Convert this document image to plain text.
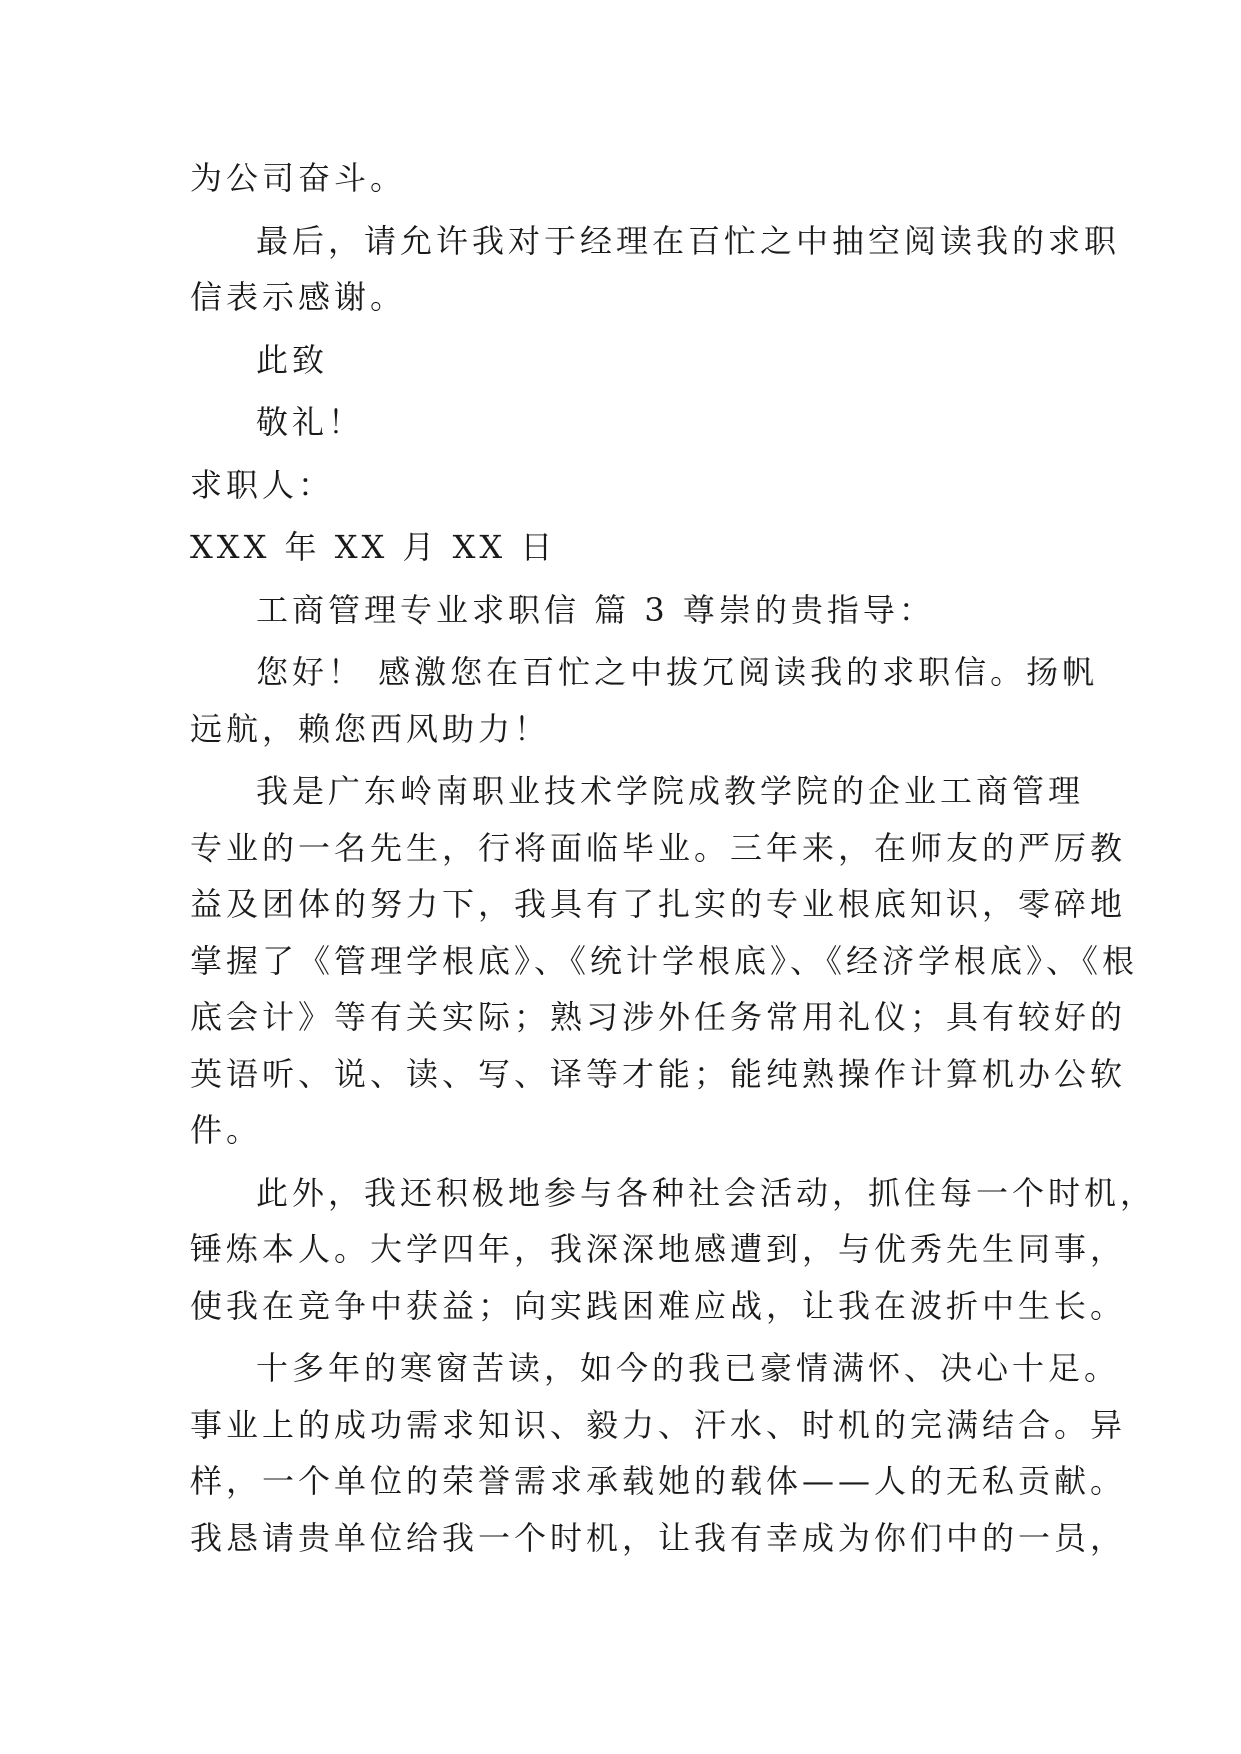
为公司奋斗。
最后，请允许我对于经理在百忙之中抽空阅读我的求职
信表示感谢。
此致
敬礼！
求职人：
XXX 年 XX 月 XX 日
工商管理专业求职信 篇 3 尊崇的贵指导：
您好！ 感激您在百忙之中拔冗阅读我的求职信。扬帆
远航，赖您西风助力！
我是广东岭南职业技术学院成教学院的企业工商管理
专业的一名先生，行将面临毕业。三年来，在师友的严厉教
益及团体的努力下，我具有了扎实的专业根底知识，零碎地
掌握了《管理学根底》、《统计学根底》、《经济学根底》、《根
底会计》等有关实际；熟习涉外任务常用礼仪；具有较好的
英语听、说、读、写、译等才能；能纯熟操作计算机办公软
件。
此外，我还积极地参与各种社会活动，抓住每一个时机，
锤炼本人。大学四年，我深深地感遭到，与优秀先生同事，
使我在竞争中获益；向实践困难应战，让我在波折中生长。
十多年的寒窗苦读，如今的我已豪情满怀、决心十足。
事业上的成功需求知识、毅力、汗水、时机的完满结合。异
样，一个单位的荣誉需求承载她的载体——人的无私贡献。
我恳请贵单位给我一个时机，让我有幸成为你们中的一员，
